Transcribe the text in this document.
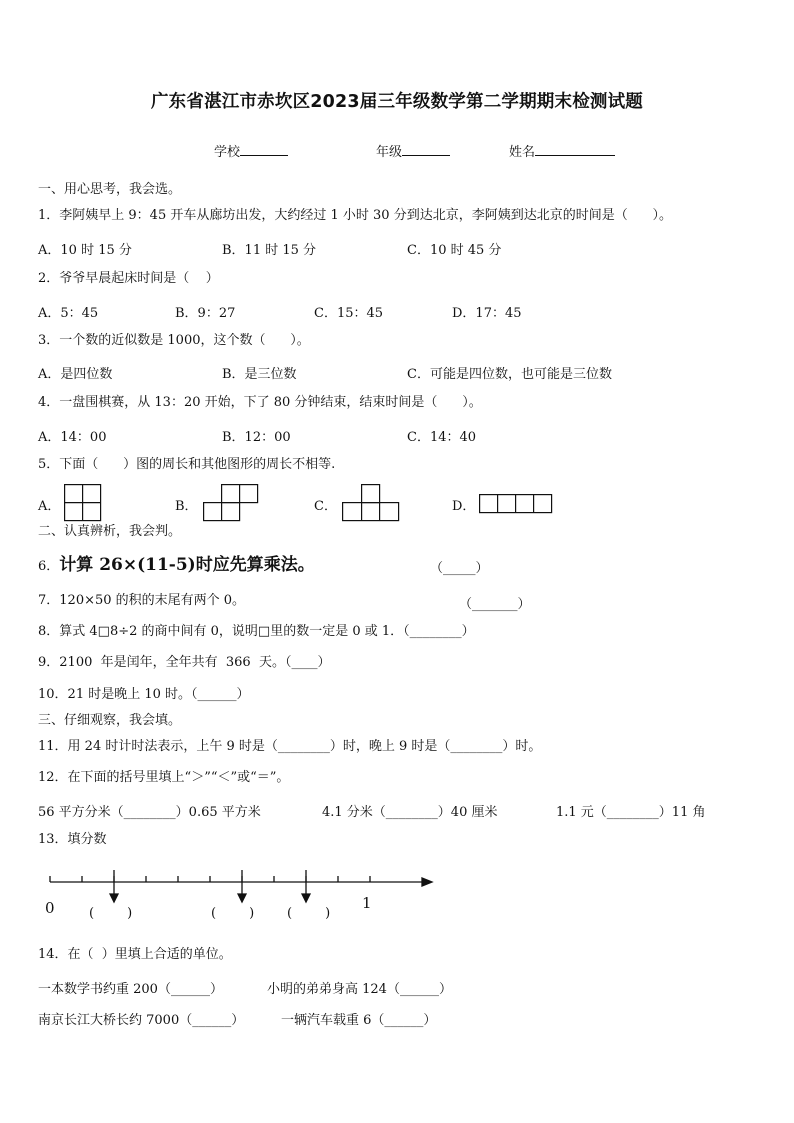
广东省湛江市赤坎区2023届三年级数学第二学期期末检测试题
学校	年级	姓名
一、用心思考，我会选。
1．李阿姨早上 9：45 开车从廊坊出发，大约经过 1 小时 30 分到达北京，李阿姨到达北京的时间是（      ）。
A．10 时 15 分	B．11 时 15 分	C．10 时 45 分
2．爷爷早晨起床时间是（    ）
A．5：45	B．9：27	C．15：45	D．17：45
3．一个数的近似数是 1000，这个数（      ）。
A．是四位数	B．是三位数	C．可能是四位数，也可能是三位数
4．一盘围棋赛，从 13：20 开始，下了 80 分钟结束，结束时间是（      ）。
A．14：00	B．12：00	C．14：40
5．下面（      ）图的周长和其他图形的周长不相等.
A．	B．	C．	D．
二、认真辨析，我会判。
6．计算 26×(11-5)时应先算乘法。	（_____）
7．120×50 的积的末尾有两个 0。	（_______）
8．算式 4□8÷2 的商中间有 0，说明□里的数一定是 0 或 1．（________）
9．2100  年是闰年，全年共有  366  天。（____）
10．21 时是晚上 10 时。（______）
三、仔细观察，我会填。
11．用 24 时计时法表示，上午 9 时是（________）时，晚上 9 时是（________）时。
12．在下面的括号里填上“＞”“＜”或“＝”。
56 平方分米（________）0.65 平方米	4.1 分米（________）40 厘米	1.1 元（________）11 角
13．填分数
0	1
(        )	(        )	(        )
14．在（  ）里填上合适的单位。
一本数学书约重 200（______）	小明的弟弟身高 124（______）
南京长江大桥长约 7000（______）	一辆汽车载重 6（______）
